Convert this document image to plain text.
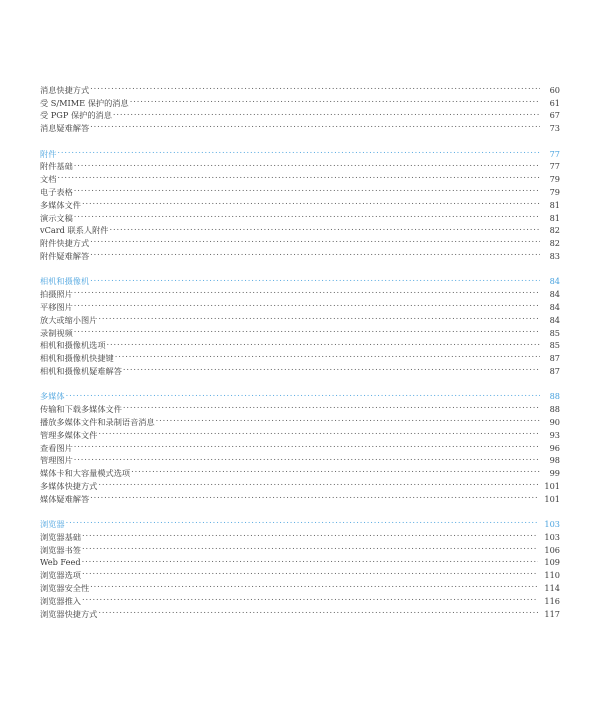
消息快捷方式 .....	60
受 S/MIME 保护的消息 .....	61
受 PGP 保护的消息 .....	67
消息疑难解答 .....	73
附件 .....	77
附件基础 .....	77
文档 .....	79
电子表格 .....	79
多媒体文件 .....	81
演示文稿 .....	81
vCard 联系人附件 .....	82
附件快捷方式 .....	82
附件疑难解答 .....	83
相机和摄像机 .....	84
拍摄照片 .....	84
平移图片 .....	84
放大或缩小图片 .....	84
录制视频 .....	85
相机和摄像机选项 .....	85
相机和摄像机快捷键 .....	87
相机和摄像机疑难解答 .....	87
多媒体 .....	88
传输和下载多媒体文件 .....	88
播放多媒体文件和录制语音消息 .....	90
管理多媒体文件 .....	93
查看图片 .....	96
管理图片 .....	98
媒体卡和大容量模式选项 .....	99
多媒体快捷方式 .....	101
媒体疑难解答 .....	101
浏览器 .....	103
浏览器基础 .....	103
浏览器书签 .....	106
Web Feed .....	109
浏览器选项 .....	110
浏览器安全性 .....	114
浏览器推入 .....	116
浏览器快捷方式 .....	117
